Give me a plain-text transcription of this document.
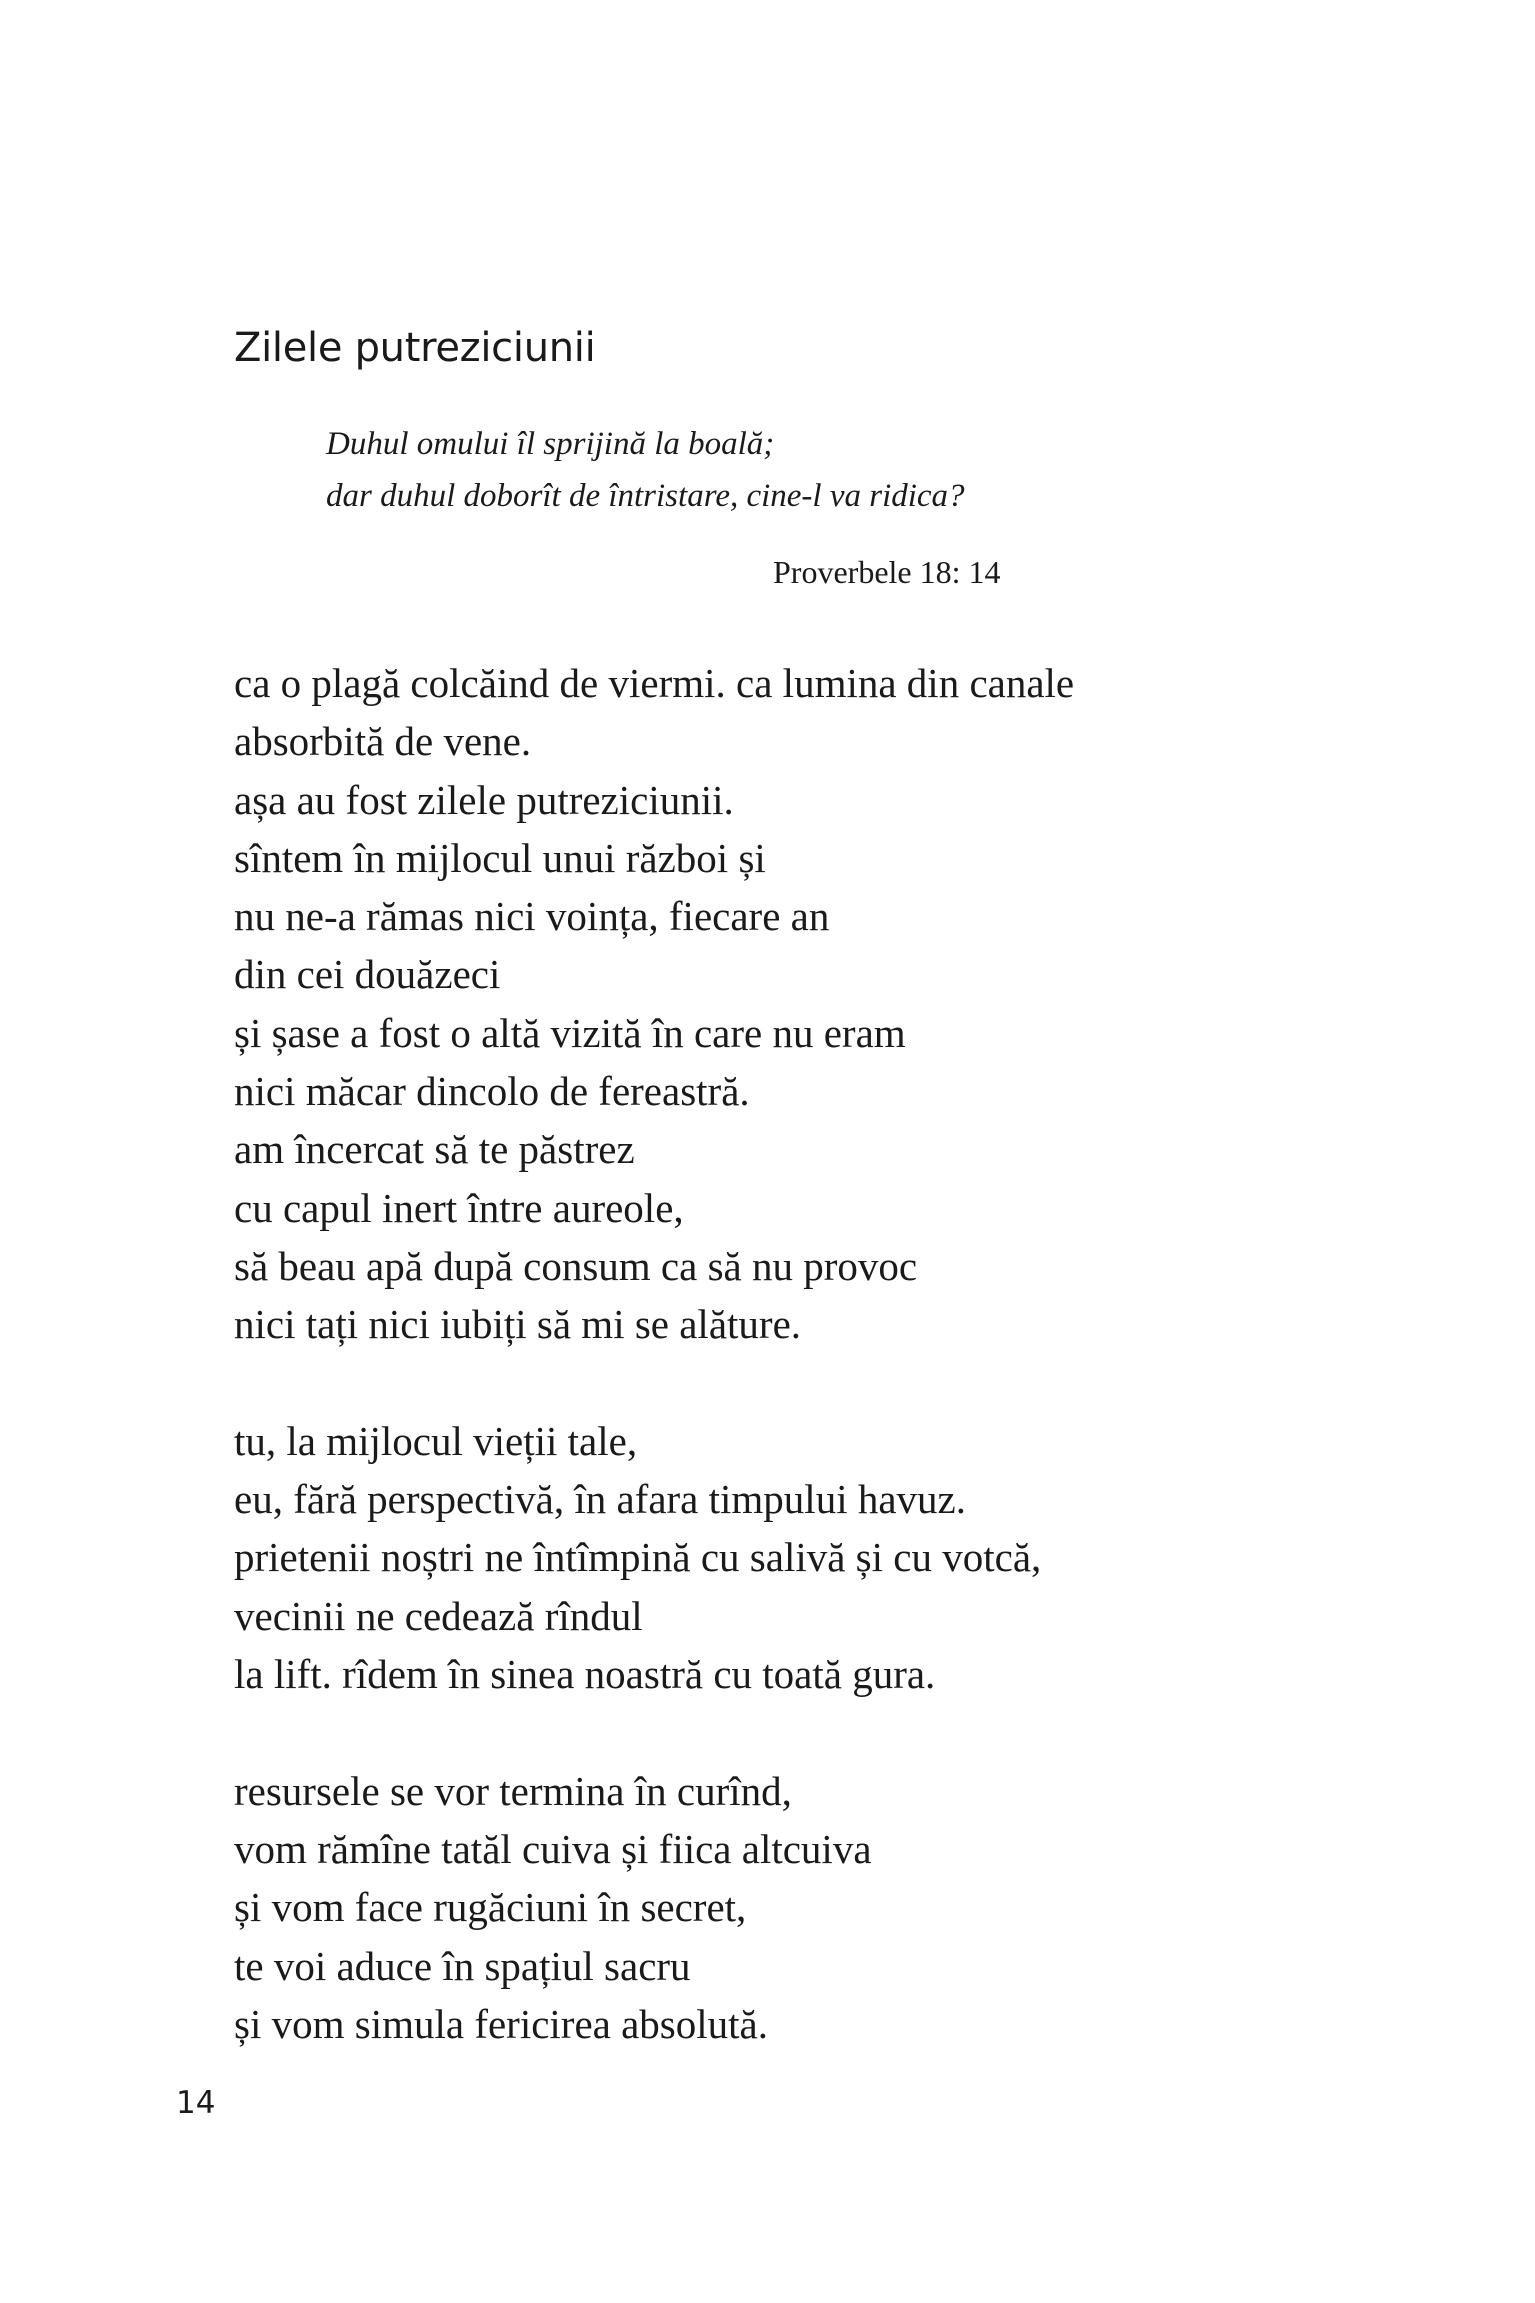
Zilele putreziciunii
Duhul omului îl sprijină la boală;
dar duhul doborît de întristare, cine-l va ridica?
Proverbele 18: 14
ca o plagă colcăind de viermi. ca lumina din canale
absorbită de vene.
așa au fost zilele putreziciunii.
sîntem în mijlocul unui război și
nu ne-a rămas nici voința, fiecare an
din cei douăzeci
și șase a fost o altă vizită în care nu eram
nici măcar dincolo de fereastră.
am încercat să te păstrez
cu capul inert între aureole,
să beau apă după consum ca să nu provoc
nici tați nici iubiți să mi se alăture.
tu, la mijlocul vieții tale,
eu, fără perspectivă, în afara timpului havuz.
prietenii noștri ne întîmpină cu salivă și cu votcă,
vecinii ne cedează rîndul
la lift. rîdem în sinea noastră cu toată gura.
resursele se vor termina în curînd,
vom rămîne tatăl cuiva și fiica altcuiva
și vom face rugăciuni în secret,
te voi aduce în spațiul sacru
și vom simula fericirea absolută.
14
